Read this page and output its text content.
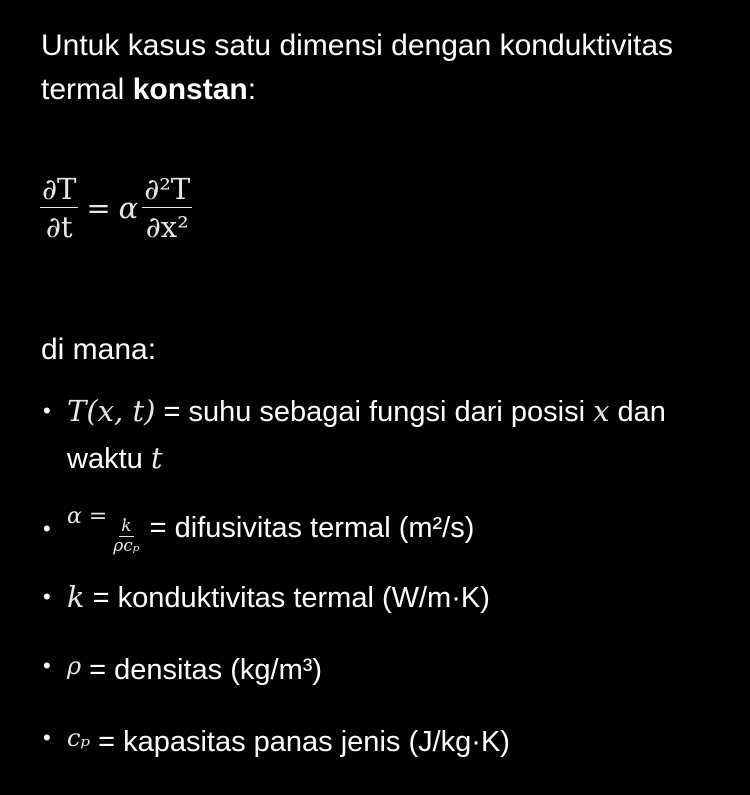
Untuk kasus satu dimensi dengan konduktivitas termal konstan:

$\frac{\partial T}{\partial t} = \alpha \frac{\text{∂²T}}{\text{∂x²}}$

di mana:

• T(x, t) = suhu sebagai fungsi dari posisi x dan waktu t
• $^{\alpha =}$ k
ρcₚ
= difusivitas termal (m²/s)
• k = konduktivitas termal (W/m·K)
• ρ = densitas (kg/m³)
• cₚ = kapasitas panas jenis (J/kg·K)
